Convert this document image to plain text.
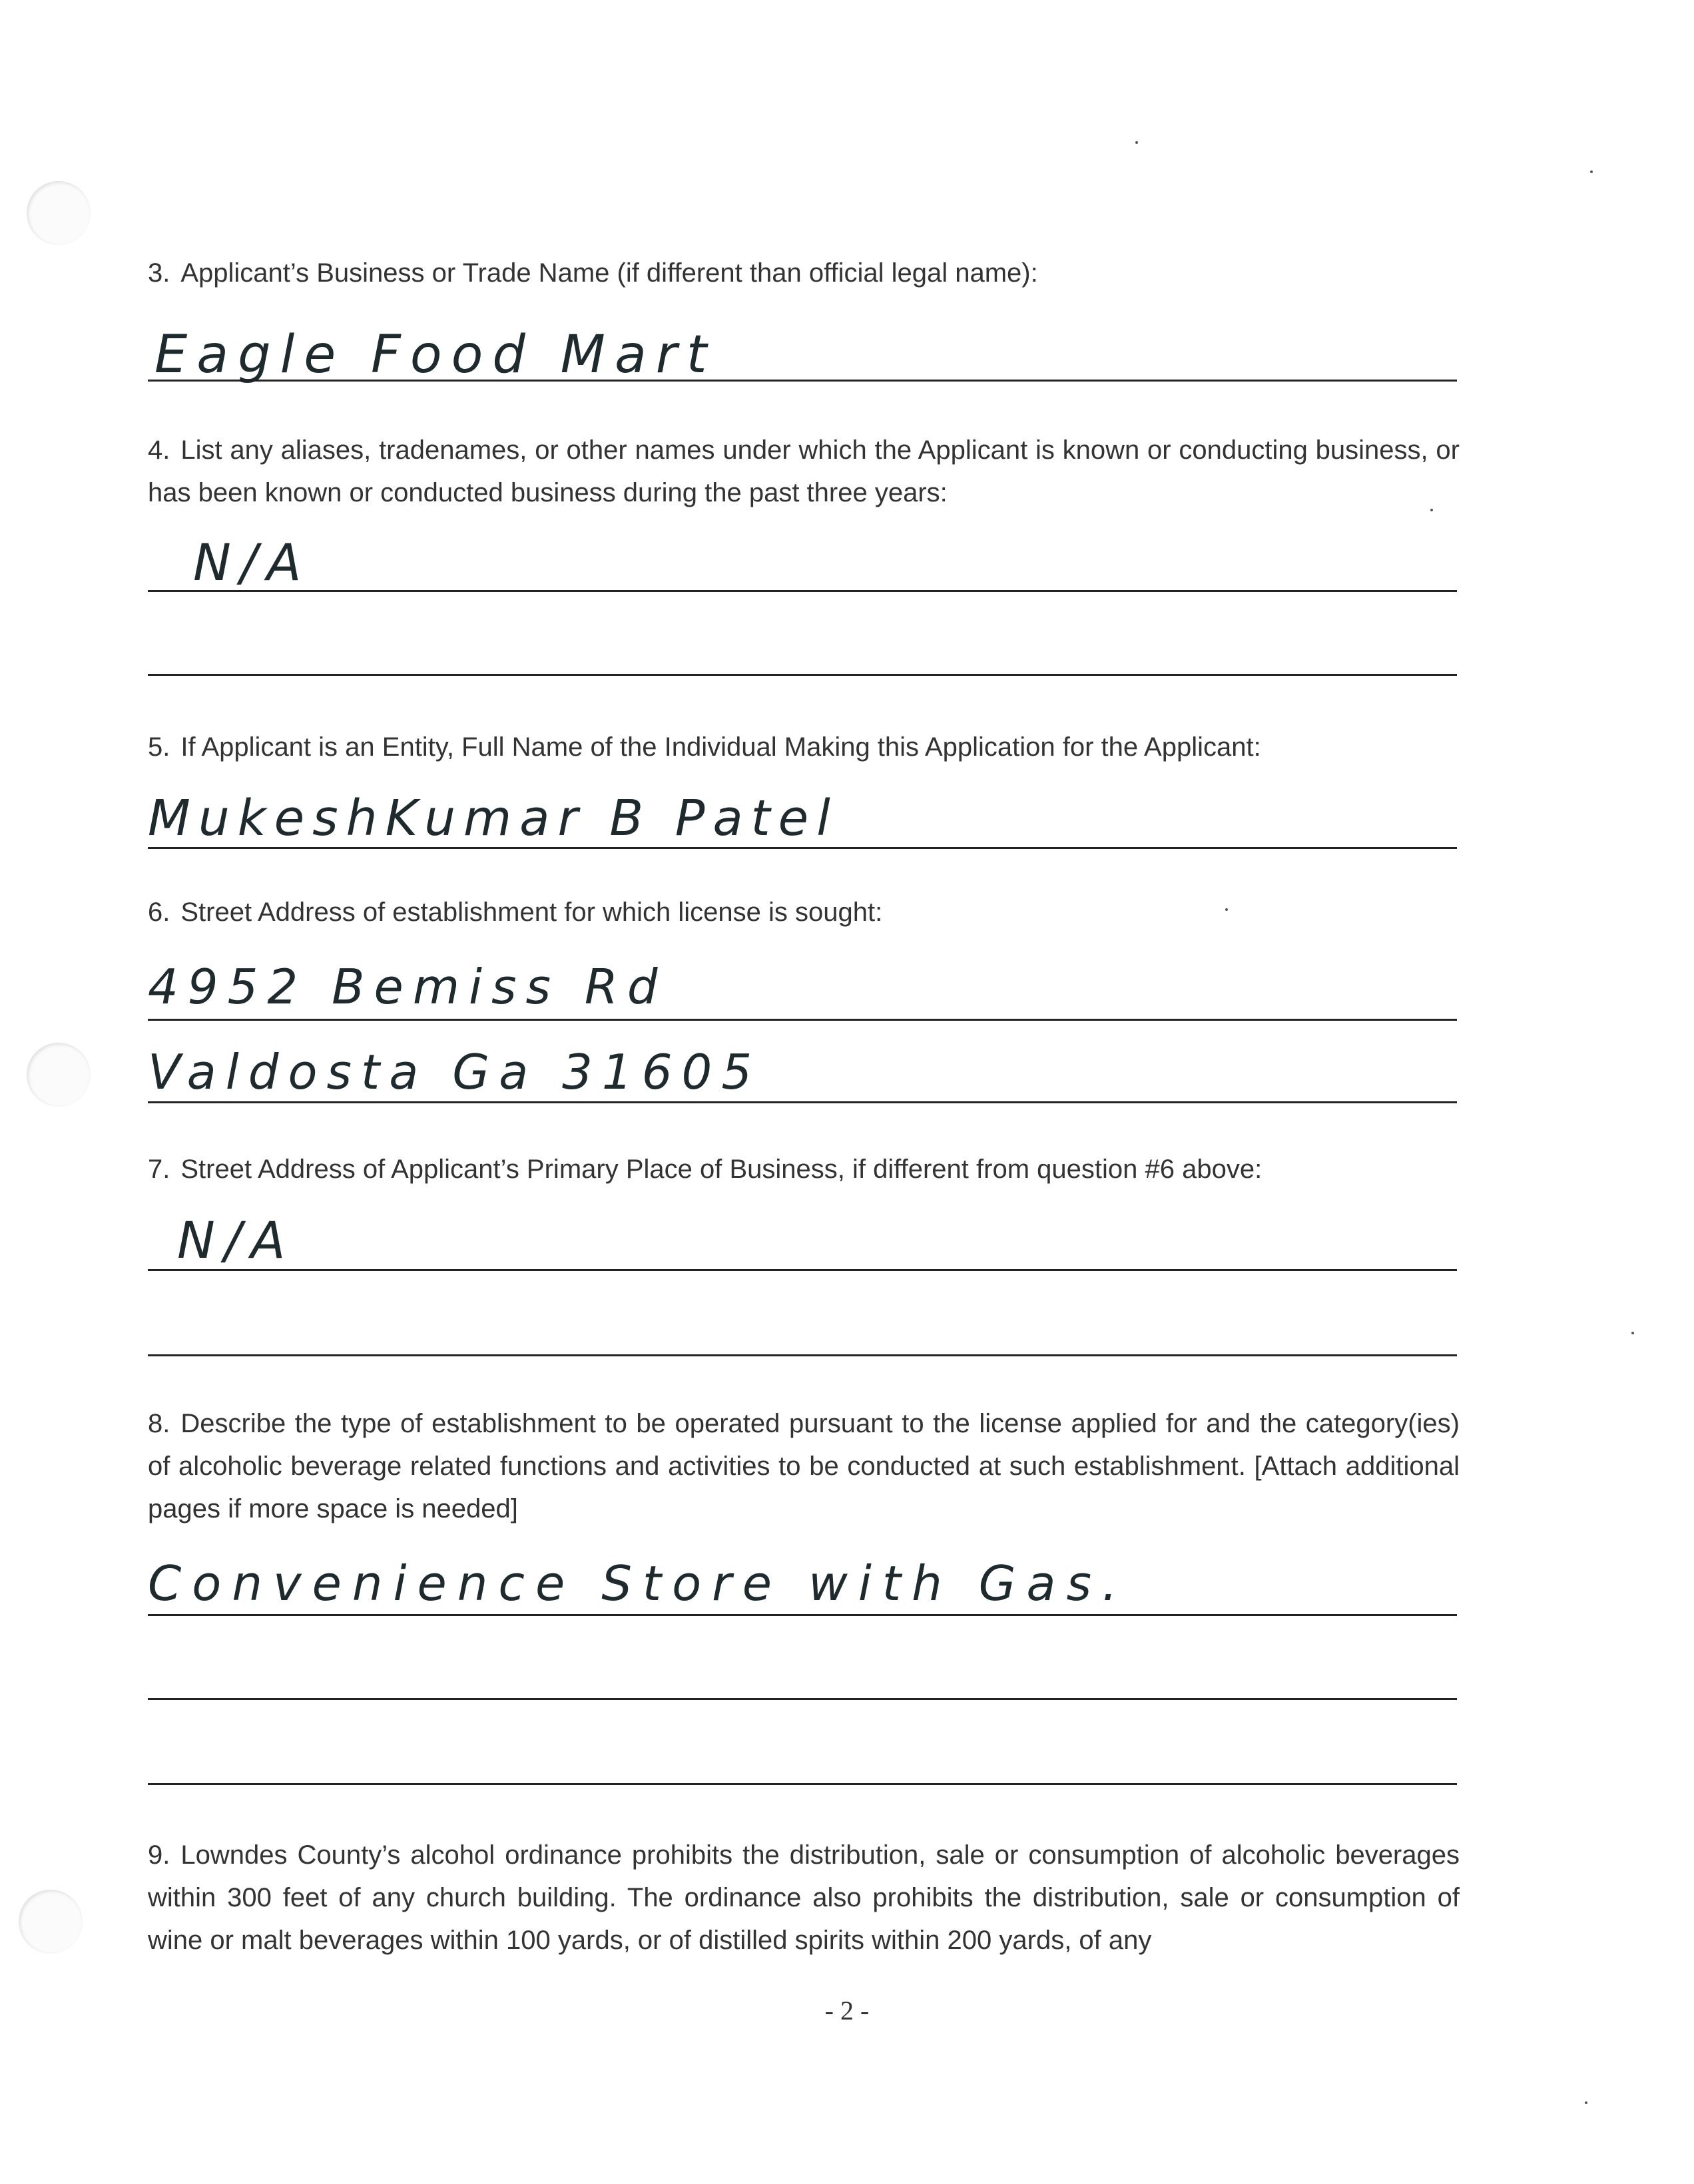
3. Applicant’s Business or Trade Name (if different than official legal name):
Eagle Food Mart
4. List any aliases, tradenames, or other names under which the Applicant is known or conducting business, or has been known or conducted business during the past three years:
N/A
5. If Applicant is an Entity, Full Name of the Individual Making this Application for the Applicant:
MukeshKumar B Patel
6. Street Address of establishment for which license is sought:
4952 Bemiss Rd
Valdosta Ga 31605
7. Street Address of Applicant’s Primary Place of Business, if different from question #6 above:
N/A
8. Describe the type of establishment to be operated pursuant to the license applied for and the category(ies) of alcoholic beverage related functions and activities to be conducted at such establishment. [Attach additional pages if more space is needed]
Convenience Store with Gas.
9. Lowndes County’s alcohol ordinance prohibits the distribution, sale or consumption of alcoholic beverages within 300 feet of any church building. The ordinance also prohibits the distribution, sale or consumption of wine or malt beverages within 100 yards, or of distilled spirits within 200 yards, of any
- 2 -
